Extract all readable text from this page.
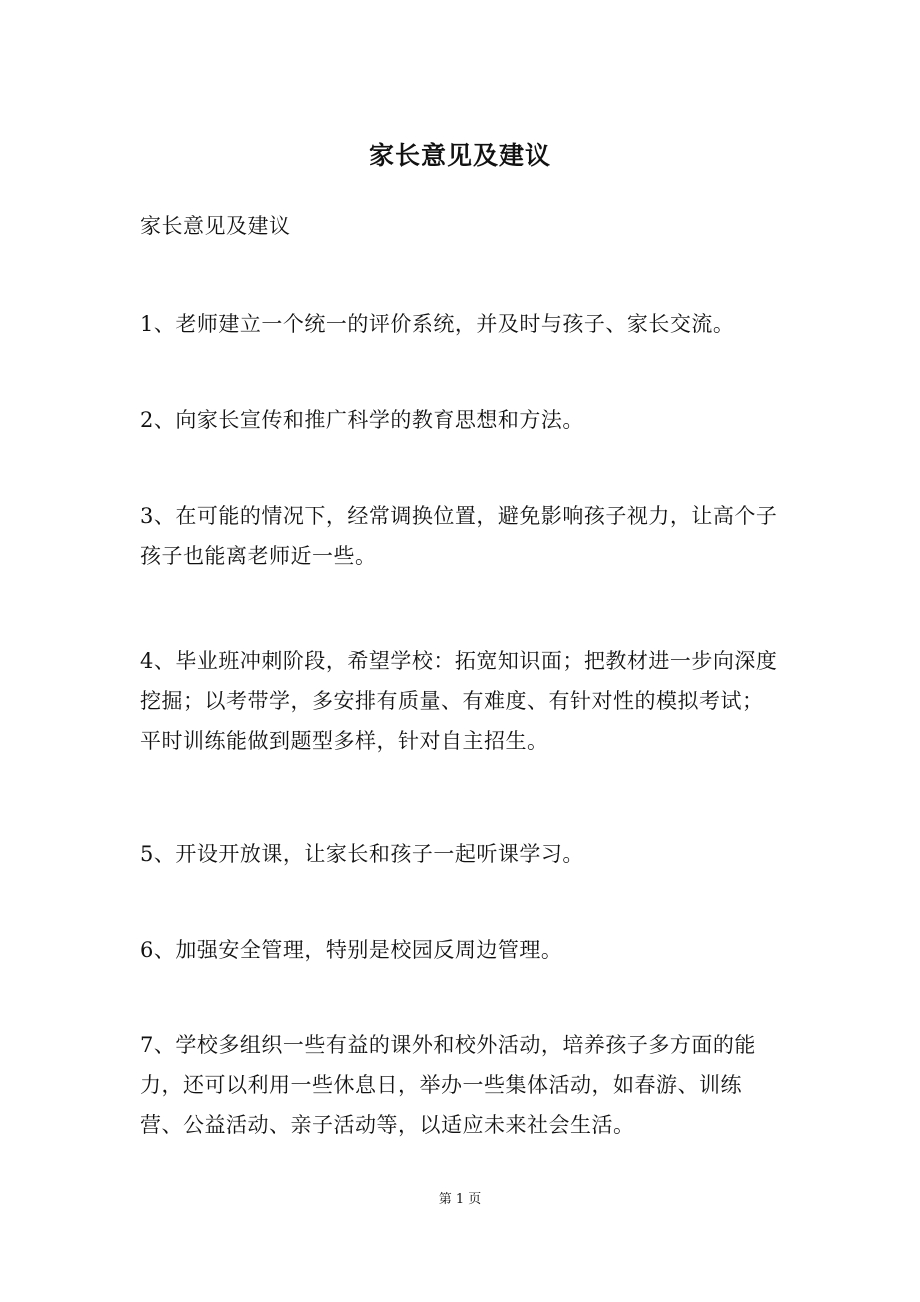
家长意见及建议
家长意见及建议
1、老师建立一个统一的评价系统，并及时与孩子、家长交流。
2、向家长宣传和推广科学的教育思想和方法。
3、在可能的情况下，经常调换位置，避免影响孩子视力，让高个子孩子也能离老师近一些。
4、毕业班冲刺阶段，希望学校：拓宽知识面；把教材进一步向深度挖掘；以考带学，多安排有质量、有难度、有针对性的模拟考试；平时训练能做到题型多样，针对自主招生。
5、开设开放课，让家长和孩子一起听课学习。
6、加强安全管理，特别是校园反周边管理。
7、学校多组织一些有益的课外和校外活动，培养孩子多方面的能力，还可以利用一些休息日，举办一些集体活动，如春游、训练营、公益活动、亲子活动等，以适应未来社会生活。
第 1 页
